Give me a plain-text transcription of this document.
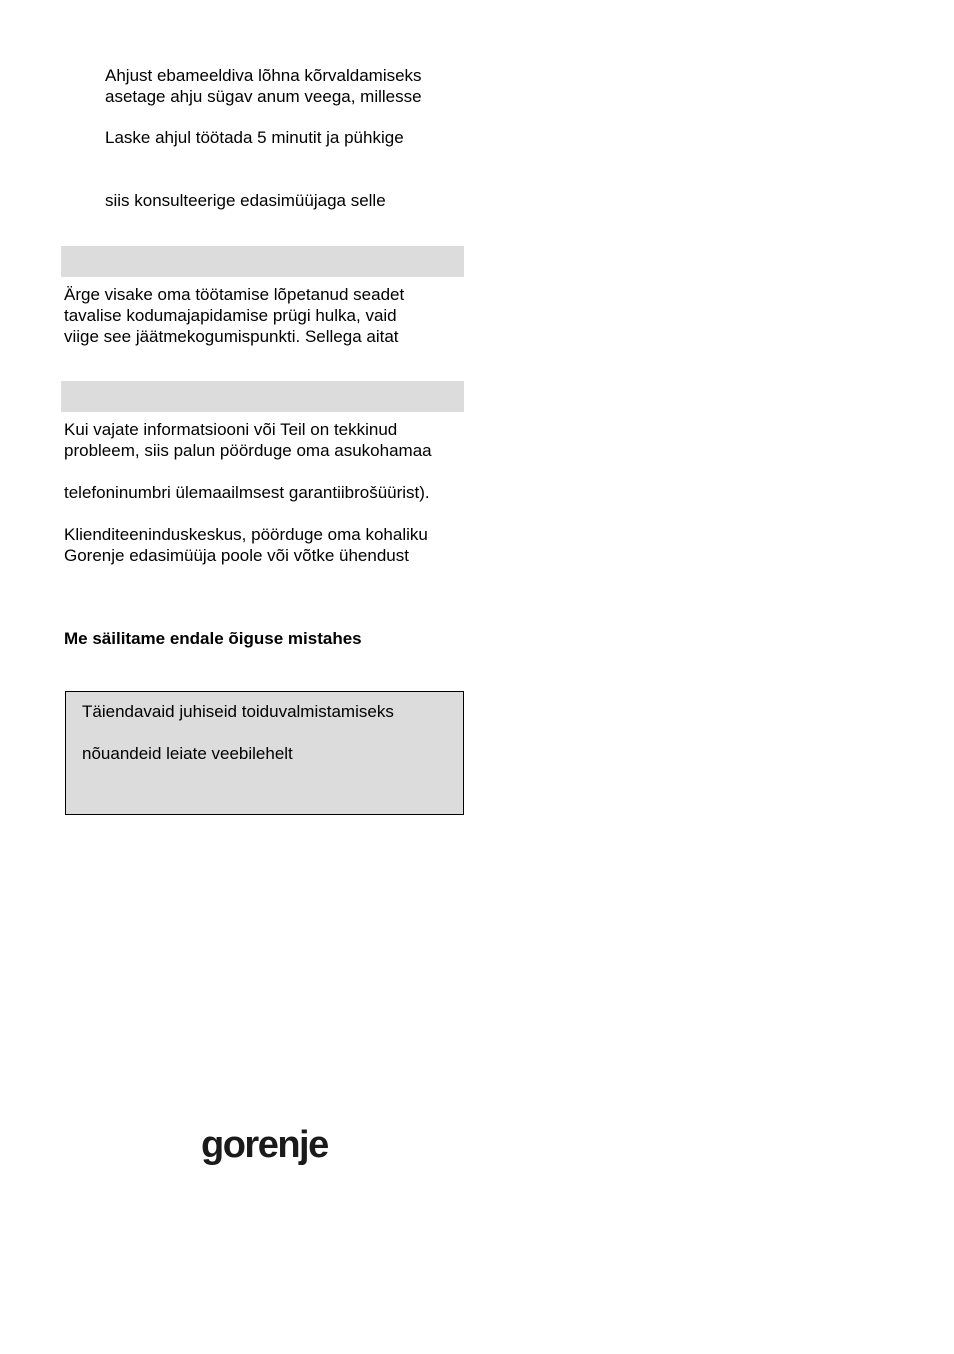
Ahjust ebameeldiva lõhna kõrvaldamiseks
asetage ahju sügav anum veega, millesse
Laske ahjul töötada 5 minutit ja pühkige
siis konsulteerige edasimüüjaga selle
Ärge visake oma töötamise lõpetanud seadet
tavalise kodumajapidamise prügi hulka, vaid
viige see jäätmekogumispunkti. Sellega aitat
Kui vajate informatsiooni või Teil on tekkinud
probleem, siis palun pöörduge oma asukohamaa
telefoninumbri ülemaailmsest garantiibrošüürist).
Klienditeeninduskeskus, pöörduge oma kohaliku
Gorenje edasimüüja poole või võtke ühendust
Me säilitame endale õiguse mistahes
Täiendavaid juhiseid toiduvalmistamiseks
nõuandeid leiate veebilehelt
gorenje
